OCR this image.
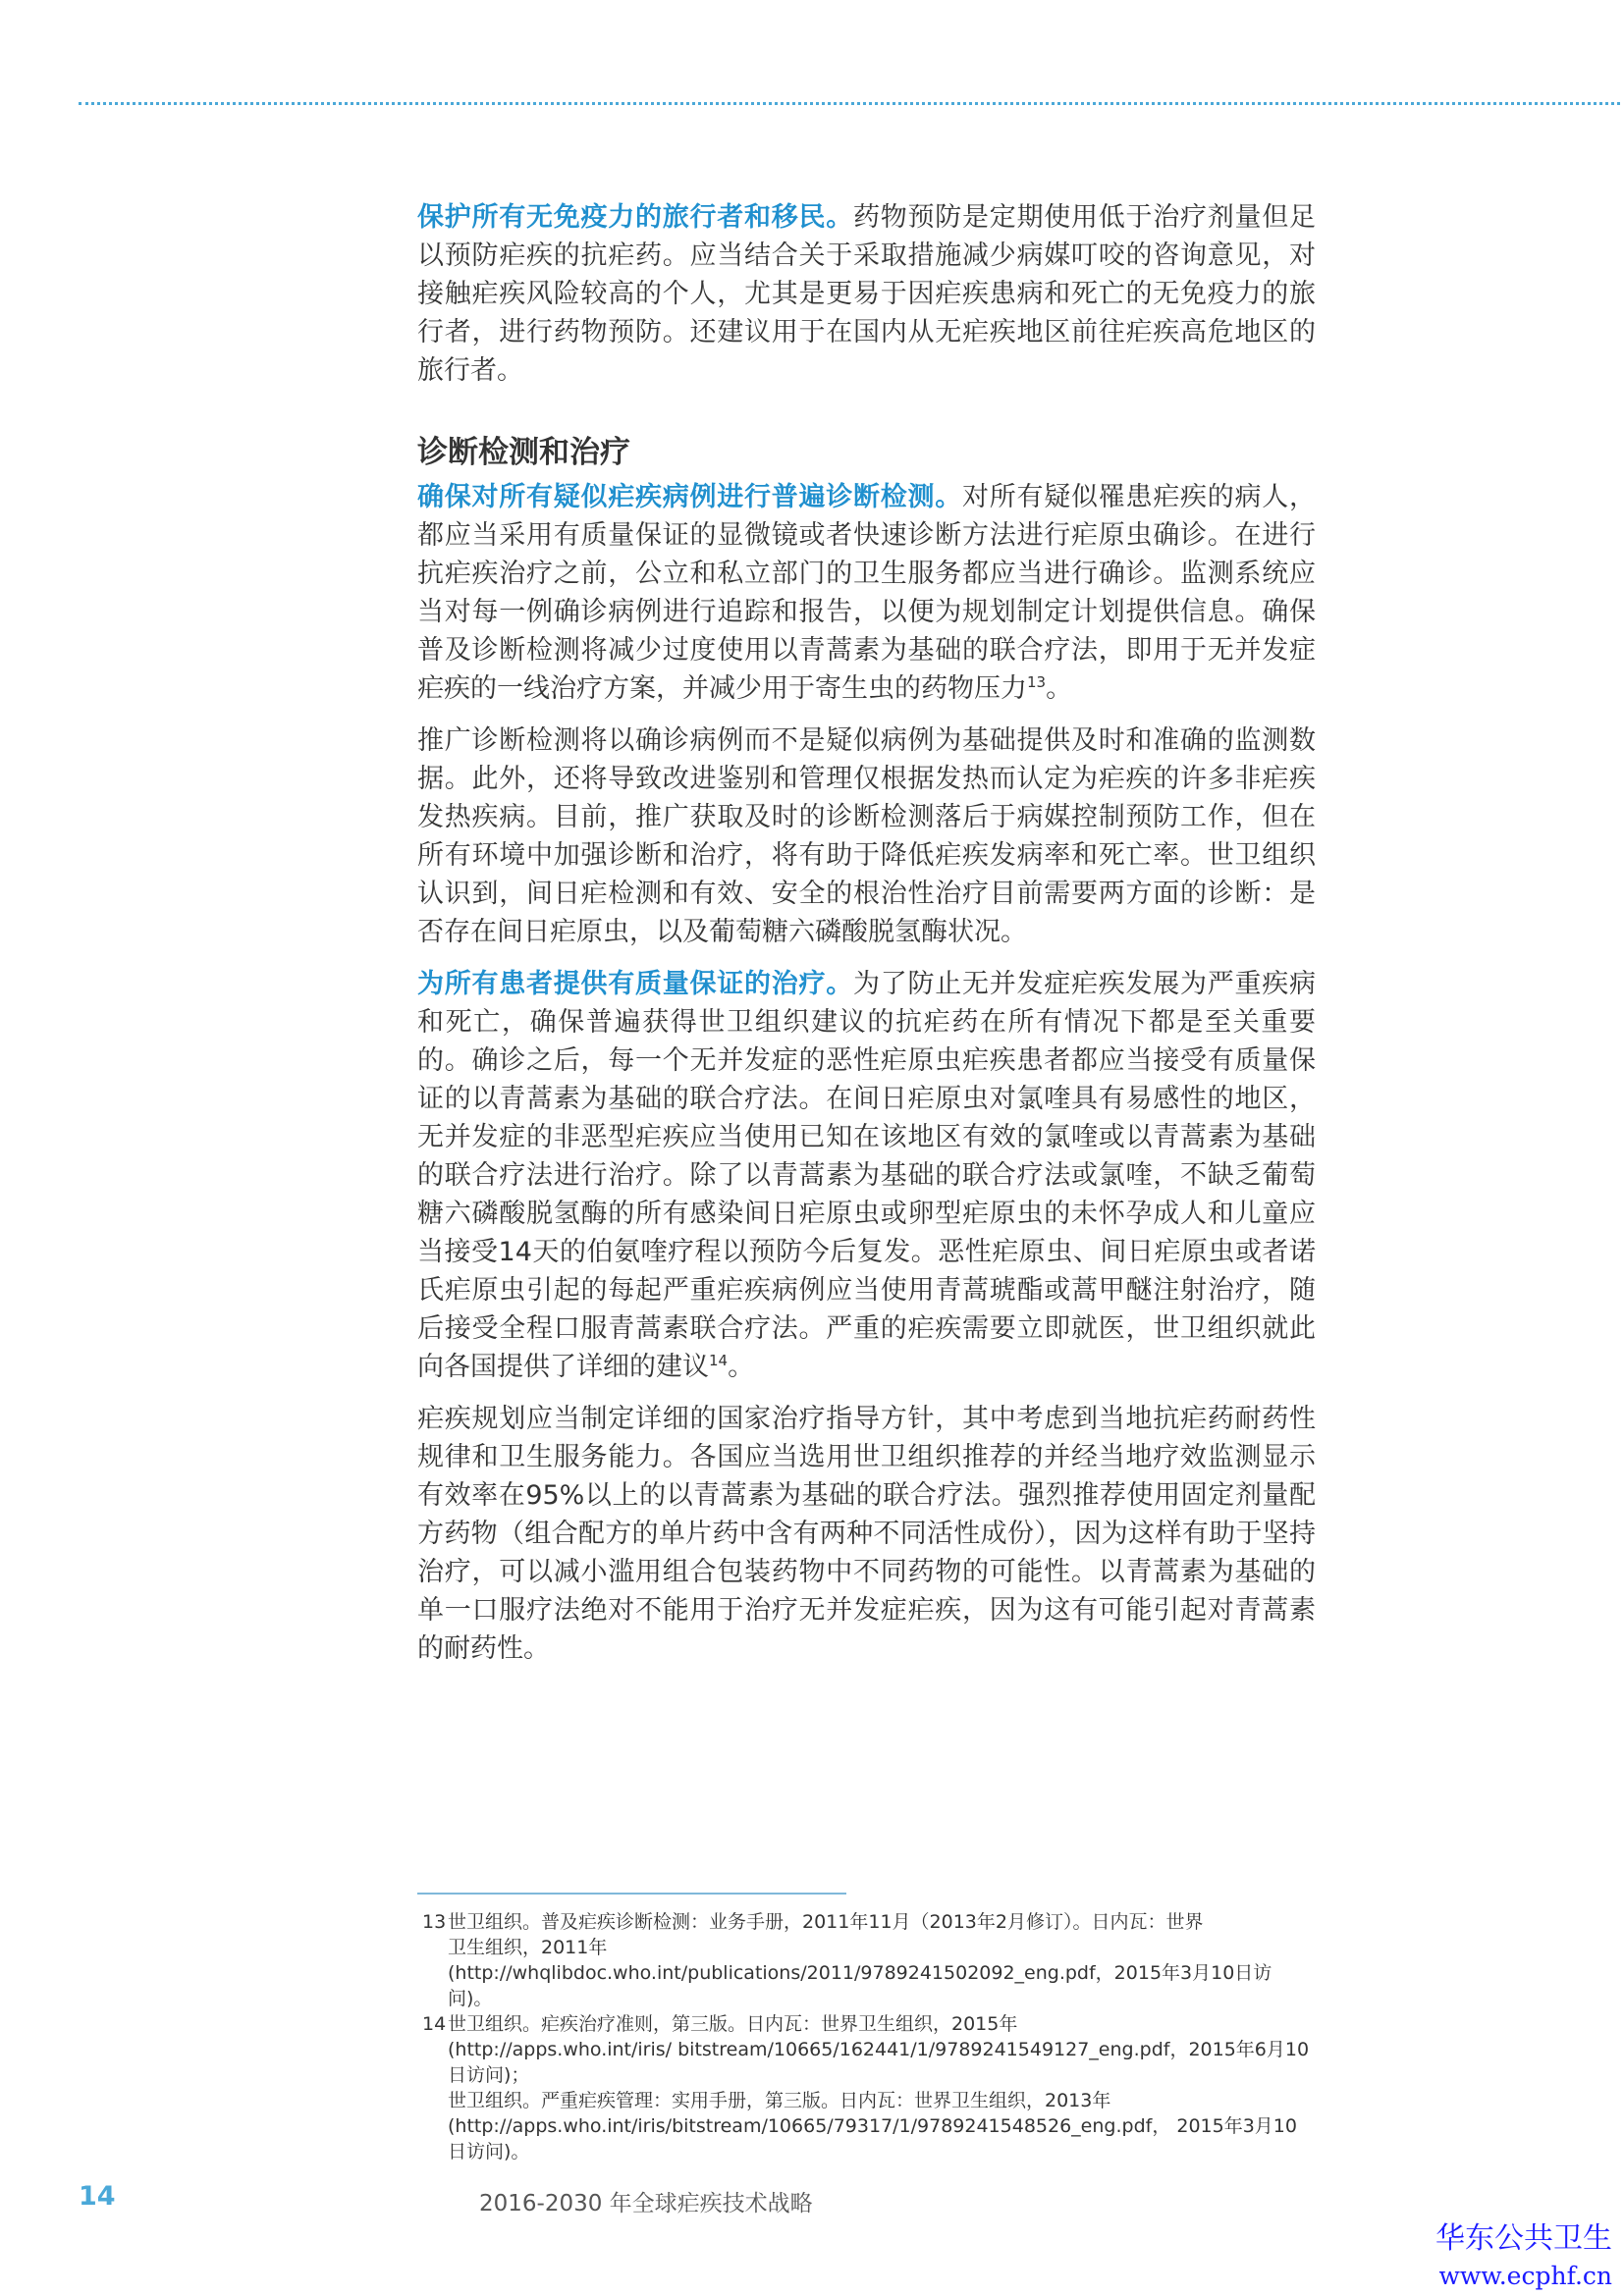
保护所有无免疫力的旅行者和移民。药物预防是定期使用低于治疗剂量但足以预防疟疾的抗疟药。应当结合关于采取措施减少病媒叮咬的咨询意见，对接触疟疾风险较高的个人，尤其是更易于因疟疾患病和死亡的无免疫力的旅行者，进行药物预防。还建议用于在国内从无疟疾地区前往疟疾高危地区的旅行者。

诊断检测和治疗

确保对所有疑似疟疾病例进行普遍诊断检测。对所有疑似罹患疟疾的病人，都应当采用有质量保证的显微镜或者快速诊断方法进行疟原虫确诊。在进行抗疟疾治疗之前，公立和私立部门的卫生服务都应当进行确诊。监测系统应当对每一例确诊病例进行追踪和报告，以便为规划制定计划提供信息。确保普及诊断检测将减少过度使用以青蒿素为基础的联合疗法，即用于无并发症疟疾的一线治疗方案，并减少用于寄生虫的药物压力$^{13}$。

推广诊断检测将以确诊病例而不是疑似病例为基础提供及时和准确的监测数据。此外，还将导致改进鉴别和管理仅根据发热而认定为疟疾的许多非疟疾发热疾病。目前，推广获取及时的诊断检测落后于病媒控制预防工作，但在所有环境中加强诊断和治疗，将有助于降低疟疾发病率和死亡率。世卫组织认识到，间日疟检测和有效、安全的根治性治疗目前需要两方面的诊断：是否存在间日疟原虫，以及葡萄糖六磷酸脱氢酶状况。

为所有患者提供有质量保证的治疗。为了防止无并发症疟疾发展为严重疾病和死亡，确保普遍获得世卫组织建议的抗疟药在所有情况下都是至关重要的。确诊之后，每一个无并发症的恶性疟原虫疟疾患者都应当接受有质量保证的以青蒿素为基础的联合疗法。在间日疟原虫对氯喹具有易感性的地区，无并发症的非恶型疟疾应当使用已知在该地区有效的氯喹或以青蒿素为基础的联合疗法进行治疗。除了以青蒿素为基础的联合疗法或氯喹，不缺乏葡萄糖六磷酸脱氢酶的所有感染间日疟原虫或卵型疟原虫的未怀孕成人和儿童应当接受14天的伯氨喹疗程以预防今后复发。恶性疟原虫、间日疟原虫或者诺氏疟原虫引起的每起严重疟疾病例应当使用青蒿琥酯或蒿甲醚注射治疗，随后接受全程口服青蒿素联合疗法。严重的疟疾需要立即就医，世卫组织就此向各国提供了详细的建议$^{14}$。

疟疾规划应当制定详细的国家治疗指导方针，其中考虑到当地抗疟药耐药性规律和卫生服务能力。各国应当选用世卫组织推荐的并经当地疗效监测显示有效率在95%以上的以青蒿素为基础的联合疗法。强烈推荐使用固定剂量配方药物（组合配方的单片药中含有两种不同活性成份），因为这样有助于坚持治疗，可以减小滥用组合包装药物中不同药物的可能性。以青蒿素为基础的单一口服疗法绝对不能用于治疗无并发症疟疾，因为这有可能引起对青蒿素的耐药性。

13 世卫组织。普及疟疾诊断检测：业务手册，2011年11月（2013年2月修订）。日内瓦：世界
卫生组织，2011年
(http://whqlibdoc.who.int/publications/2011/9789241502092_eng.pdf，2015年3月10日访问)。
14 世卫组织。疟疾治疗准则，第三版。日内瓦：世界卫生组织，2015年
(http://apps.who.int/iris/ bitstream/10665/162441/1/9789241549127_eng.pdf，2015年6月10日访问)；
世卫组织。严重疟疾管理：实用手册，第三版。日内瓦：世界卫生组织，2013年
(http://apps.who.int/iris/bitstream/10665/79317/1/9789241548526_eng.pdf， 2015年3月10日访问)。
14	2016-2030 年全球疟疾技术战略
华东公共卫生
www.ecphf.cn
